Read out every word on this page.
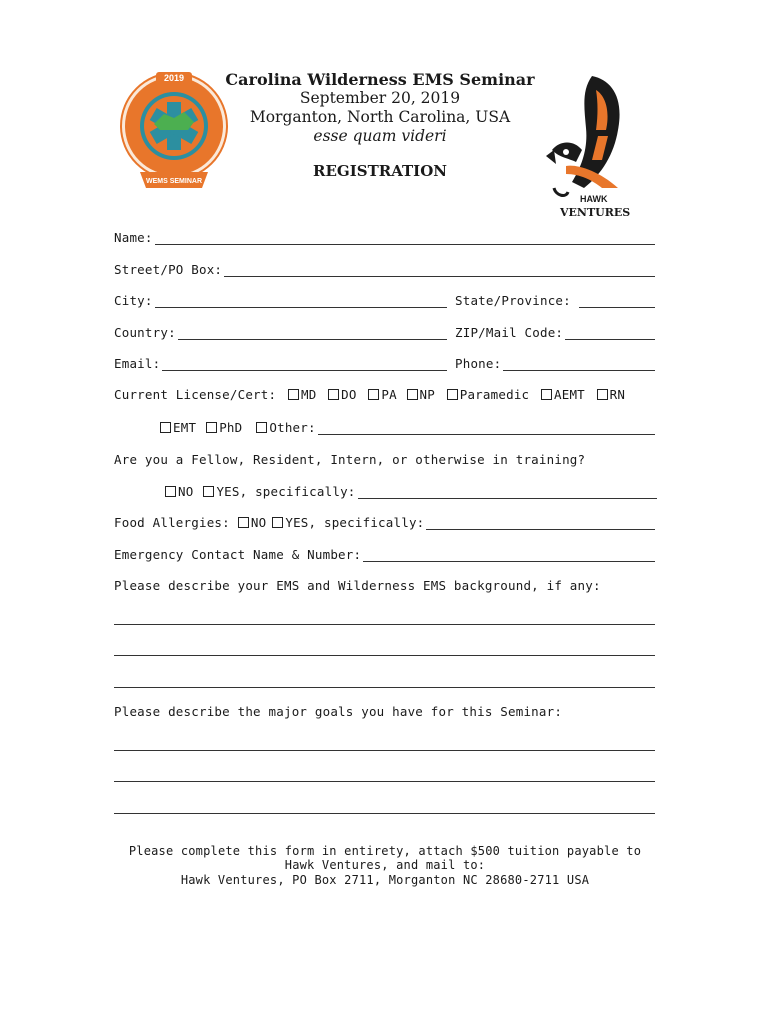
2019
WEMS SEMINAR
Carolina Wilderness EMS Seminar
September 20, 2019
Morganton, North Carolina, USA
esse quam videri
REGISTRATION
HAWK
VENTURES
Name:
Street/PO Box:
City:	State/Province:
Country:	ZIP/Mail Code:
Email:	Phone:
Current License/Cert: MD DO PA NP Paramedic AEMT RN
EMT	PhD	Other:
Are you a Fellow, Resident, Intern, or otherwise in training?
NO	YES, specifically:
Food Allergies:	NO	YES, specifically:
Emergency Contact Name & Number:
Please describe your EMS and Wilderness EMS background, if any:
Please describe the major goals you have for this Seminar:
Please complete this form in entirety, attach $500 tuition payable to
Hawk Ventures, and mail to:
Hawk Ventures, PO Box 2711, Morganton NC 28680-2711 USA
